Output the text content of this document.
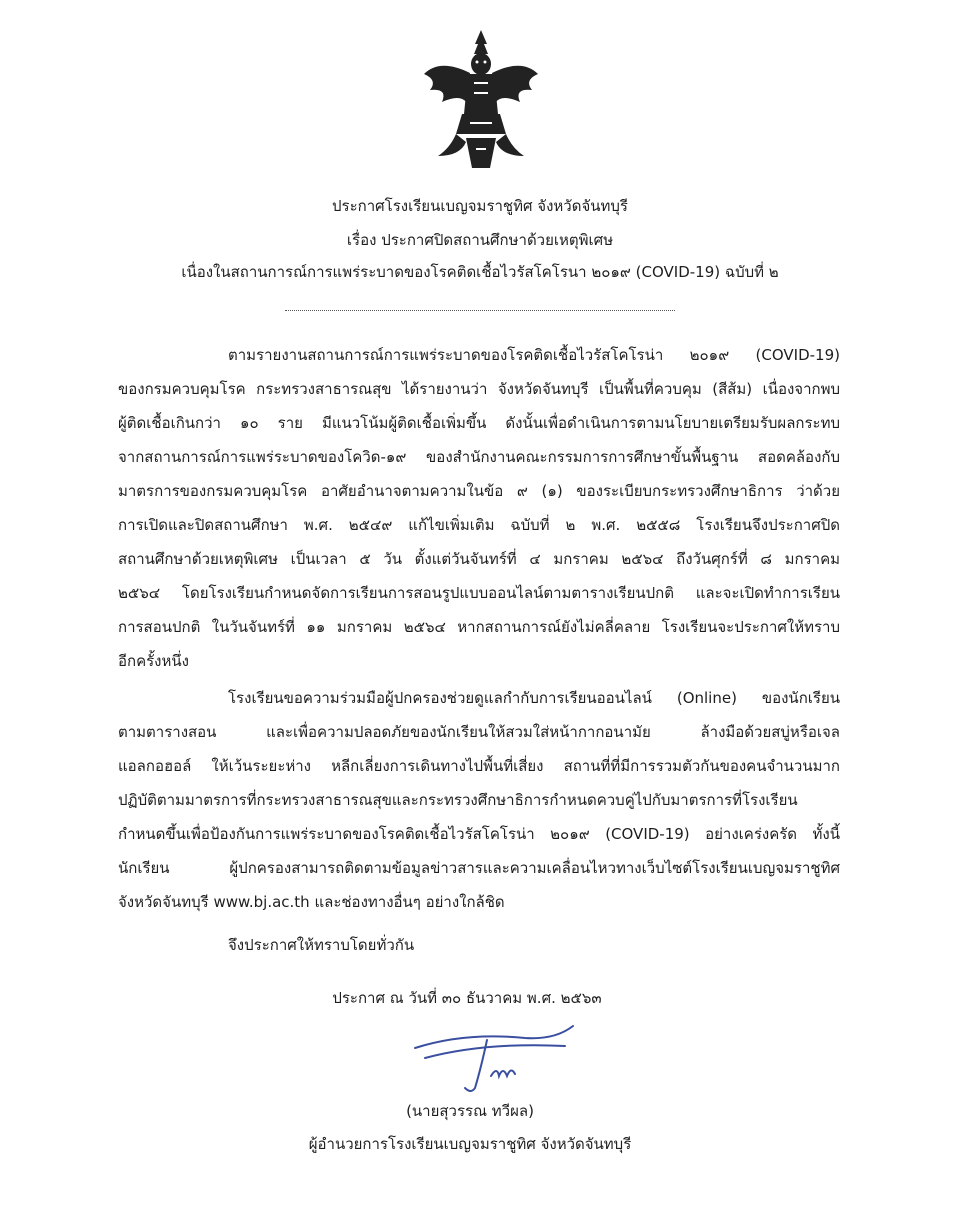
ประกาศโรงเรียนเบญจมราชูทิศ จังหวัดจันทบุรี
เรื่อง ประกาศปิดสถานศึกษาด้วยเหตุพิเศษ
เนื่องในสถานการณ์การแพร่ระบาดของโรคติดเชื้อไวรัสโคโรนา ๒๐๑๙ (COVID-19) ฉบับที่ ๒
ตามรายงานสถานการณ์การแพร่ระบาดของโรคติดเชื้อไวรัสโคโรน่า ๒๐๑๙ (COVID-19)
ของกรมควบคุมโรค กระทรวงสาธารณสุข ได้รายงานว่า จังหวัดจันทบุรี เป็นพื้นที่ควบคุม (สีส้ม) เนื่องจากพบ
ผู้ติดเชื้อเกินกว่า ๑๐ ราย มีแนวโน้มผู้ติดเชื้อเพิ่มขึ้น ดังนั้นเพื่อดำเนินการตามนโยบายเตรียมรับผลกระทบ
จากสถานการณ์การแพร่ระบาดของโควิด-๑๙ ของสำนักงานคณะกรรมการการศึกษาขั้นพื้นฐาน สอดคล้องกับ
มาตรการของกรมควบคุมโรค อาศัยอำนาจตามความในข้อ ๙ (๑) ของระเบียบกระทรวงศึกษาธิการ ว่าด้วย
การเปิดและปิดสถานศึกษา พ.ศ. ๒๕๔๙ แก้ไขเพิ่มเติม ฉบับที่ ๒ พ.ศ. ๒๕๕๘ โรงเรียนจึงประกาศปิด
สถานศึกษาด้วยเหตุพิเศษ เป็นเวลา ๕ วัน ตั้งแต่วันจันทร์ที่ ๔ มกราคม ๒๕๖๔ ถึงวันศุกร์ที่ ๘ มกราคม
๒๕๖๔ โดยโรงเรียนกำหนดจัดการเรียนการสอนรูปแบบออนไลน์ตามตารางเรียนปกติ และจะเปิดทำการเรียน
การสอนปกติ ในวันจันทร์ที่ ๑๑ มกราคม ๒๕๖๔ หากสถานการณ์ยังไม่คลี่คลาย โรงเรียนจะประกาศให้ทราบ
อีกครั้งหนึ่ง
โรงเรียนขอความร่วมมือผู้ปกครองช่วยดูแลกำกับการเรียนออนไลน์ (Online) ของนักเรียน
ตามตารางสอน และเพื่อความปลอดภัยของนักเรียนให้สวมใส่หน้ากากอนามัย ล้างมือด้วยสบู่หรือเจล
แอลกอฮอล์ ให้เว้นระยะห่าง หลีกเลี่ยงการเดินทางไปพื้นที่เสี่ยง สถานที่ที่มีการรวมตัวกันของคนจำนวนมาก
ปฏิบัติตามมาตรการที่กระทรวงสาธารณสุขและกระทรวงศึกษาธิการกำหนดควบคู่ไปกับมาตรการที่โรงเรียน
กำหนดขึ้นเพื่อป้องกันการแพร่ระบาดของโรคติดเชื้อไวรัสโคโรน่า ๒๐๑๙ (COVID-19) อย่างเคร่งครัด ทั้งนี้
นักเรียน ผู้ปกครองสามารถติดตามข้อมูลข่าวสารและความเคลื่อนไหวทางเว็บไซต์โรงเรียนเบญจมราชูทิศ
จังหวัดจันทบุรี www.bj.ac.th และช่องทางอื่นๆ อย่างใกล้ชิด
จึงประกาศให้ทราบโดยทั่วกัน
ประกาศ ณ วันที่ ๓๐ ธันวาคม พ.ศ. ๒๕๖๓
(นายสุวรรณ ทวีผล)
ผู้อำนวยการโรงเรียนเบญจมราชูทิศ จังหวัดจันทบุรี
